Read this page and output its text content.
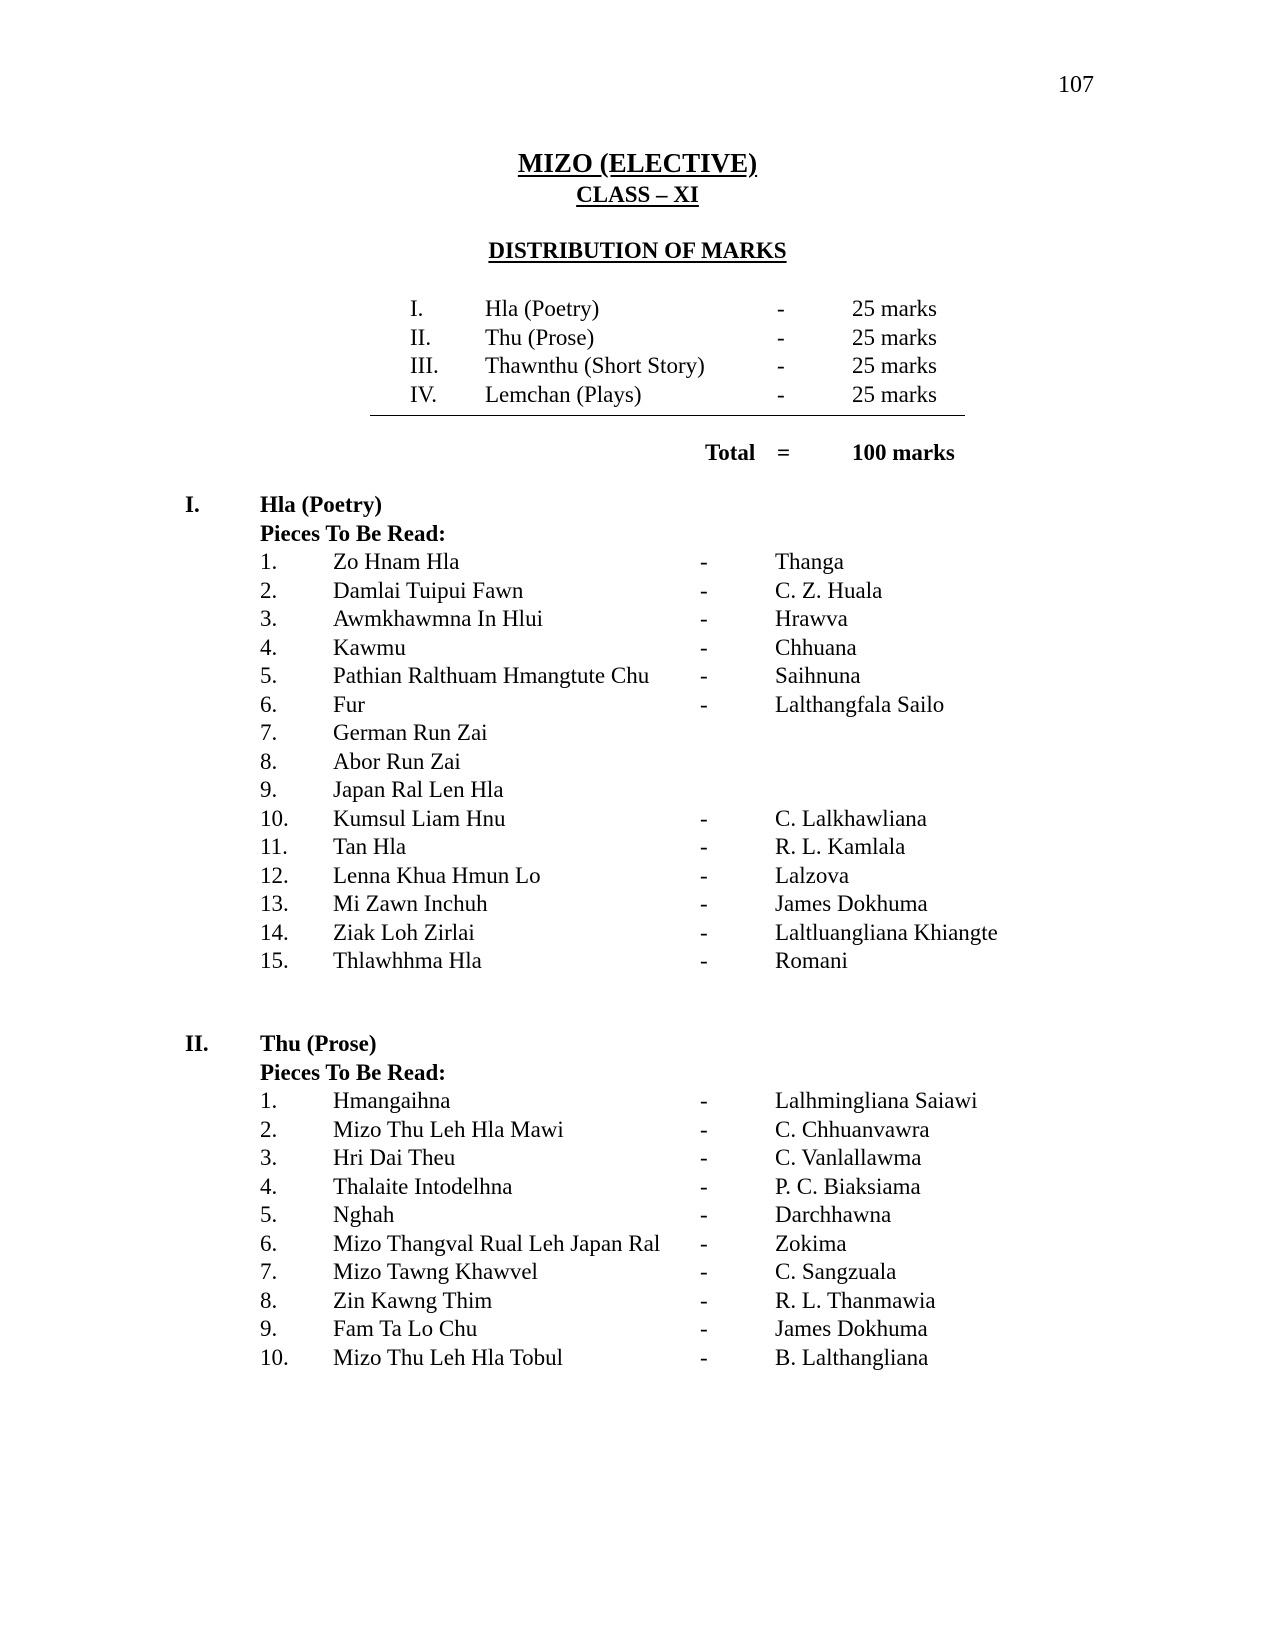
107
MIZO (ELECTIVE)
CLASS – XI
DISTRIBUTION OF MARKS
I.	Hla (Poetry)	-	25 marks
II. Thu (Prose)	-	25 marks
III. Thawnthu (Short Story)	-	25 marks
IV. Lemchan (Plays)	-	25 marks
Total =	100 marks
I.	Hla (Poetry)
Pieces To Be Read:
1. Zo Hnam Hla	-	Thanga
2. Damlai Tuipui Fawn	-	C. Z. Huala
3. Awmkhawmna In Hlui	-	Hrawva
4. Kawmu	-	Chhuana
5. Pathian Ralthuam Hmangtute Chu -	Saihnuna
6. Fur	-	Lalthangfala Sailo
7. German Run Zai
8. Abor Run Zai
9. Japan Ral Len Hla
10. Kumsul Liam Hnu	-	C. Lalkhawliana
11. Tan Hla	-	R. L. Kamlala
12. Lenna Khua Hmun Lo	-	Lalzova
13. Mi Zawn Inchuh	-	James Dokhuma
14. Ziak Loh Zirlai	-	Laltluangliana Khiangte
15. Thlawhhma Hla	-	Romani
II. Thu (Prose)
Pieces To Be Read:
1. Hmangaihna	-	Lalhmingliana Saiawi
2. Mizo Thu Leh Hla Mawi	-	C. Chhuanvawra
3. Hri Dai Theu	-	C. Vanlallawma
4. Thalaite Intodelhna	-	P. C. Biaksiama
5. Nghah	-	Darchhawna
6. Mizo Thangval Rual Leh Japan Ral -	Zokima
7. Mizo Tawng Khawvel	-	C. Sangzuala
8. Zin Kawng Thim	-	R. L. Thanmawia
9. Fam Ta Lo Chu	-	James Dokhuma
10. Mizo Thu Leh Hla Tobul	-	B. Lalthangliana
